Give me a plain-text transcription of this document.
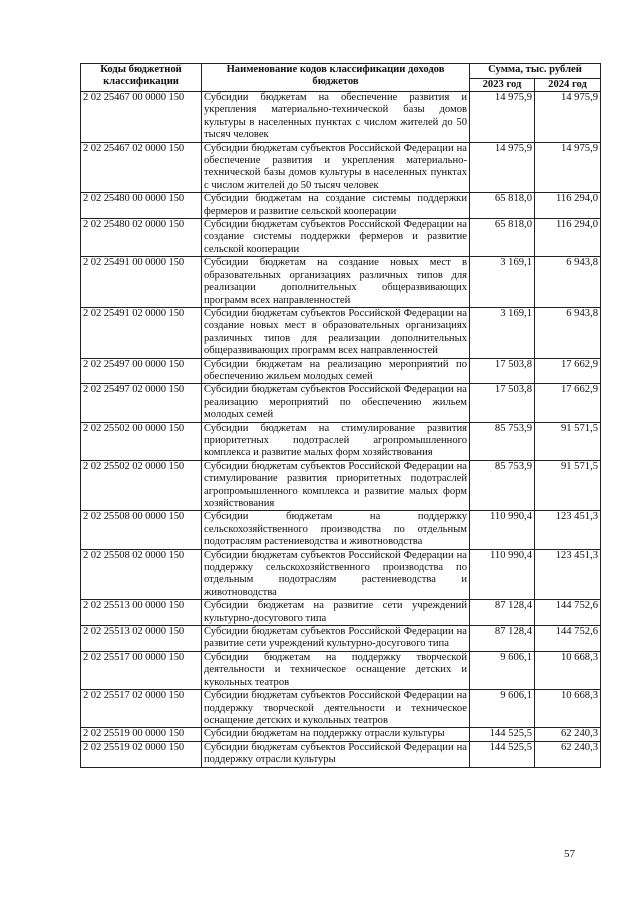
Коды бюджетной классификации	Наименование кодов классификации доходов бюджетов	Сумма, тыс. рублей	
		2023 год	2024 год
2 02 25467 00 0000 150	Субсидии бюджетам на обеспечение развития и укрепления материально-технической базы домов культуры в населенных пунктах с числом жителей до 50 тысяч человек	14 975,9	14 975,9
2 02 25467 02 0000 150	Субсидии бюджетам субъектов Российской Федерации на обеспечение развития и укрепления материально-технической базы домов культуры в населенных пунктах с числом жителей до 50 тысяч человек	14 975,9	14 975,9
2 02 25480 00 0000 150	Субсидии бюджетам на создание системы поддержки фермеров и развитие сельской кооперации	65 818,0	116 294,0
2 02 25480 02 0000 150	Субсидии бюджетам субъектов Российской Федерации на создание системы поддержки фермеров и развитие сельской кооперации	65 818,0	116 294,0
2 02 25491 00 0000 150	Субсидии бюджетам на создание новых мест в образовательных организациях различных типов для реализации дополнительных общеразвивающих программ всех направленностей	3 169,1	6 943,8
2 02 25491 02 0000 150	Субсидии бюджетам субъектов Российской Федерации на создание новых мест в образовательных организациях различных типов для реализации дополнительных общеразвивающих программ всех направленностей	3 169,1	6 943,8
2 02 25497 00 0000 150	Субсидии бюджетам на реализацию мероприятий по обеспечению жильем молодых семей	17 503,8	17 662,9
2 02 25497 02 0000 150	Субсидии бюджетам субъектов Российской Федерации на реализацию мероприятий по обеспечению жильем молодых семей	17 503,8	17 662,9
2 02 25502 00 0000 150	Субсидии бюджетам на стимулирование развития приоритетных подотраслей агропромышленного комплекса и развитие малых форм хозяйствования	85 753,9	91 571,5
2 02 25502 02 0000 150	Субсидии бюджетам субъектов Российской Федерации на стимулирование развития приоритетных подотраслей агропромышленного комплекса и развитие малых форм хозяйствования	85 753,9	91 571,5
2 02 25508 00 0000 150	Субсидии бюджетам на поддержку сельскохозяйственного производства по отдельным подотраслям растениеводства и животноводства	110 990,4	123 451,3
2 02 25508 02 0000 150	Субсидии бюджетам субъектов Российской Федерации на поддержку сельскохозяйственного производства по отдельным подотраслям растениеводства и животноводства	110 990,4	123 451,3
2 02 25513 00 0000 150	Субсидии бюджетам на развитие сети учреждений культурно-досугового типа	87 128,4	144 752,6
2 02 25513 02 0000 150	Субсидии бюджетам субъектов Российской Федерации на развитие сети учреждений культурно-досугового типа	87 128,4	144 752,6
2 02 25517 00 0000 150	Субсидии бюджетам на поддержку творческой деятельности и техническое оснащение детских и кукольных театров	9 606,1	10 668,3
2 02 25517 02 0000 150	Субсидии бюджетам субъектов Российской Федерации на поддержку творческой деятельности и техническое оснащение детских и кукольных театров	9 606,1	10 668,3
2 02 25519 00 0000 150	Субсидии бюджетам на поддержку отрасли культуры	144 525,5	62 240,3
2 02 25519 02 0000 150	Субсидии бюджетам субъектов Российской Федерации на поддержку отрасли культуры	144 525,5	62 240,3
57
